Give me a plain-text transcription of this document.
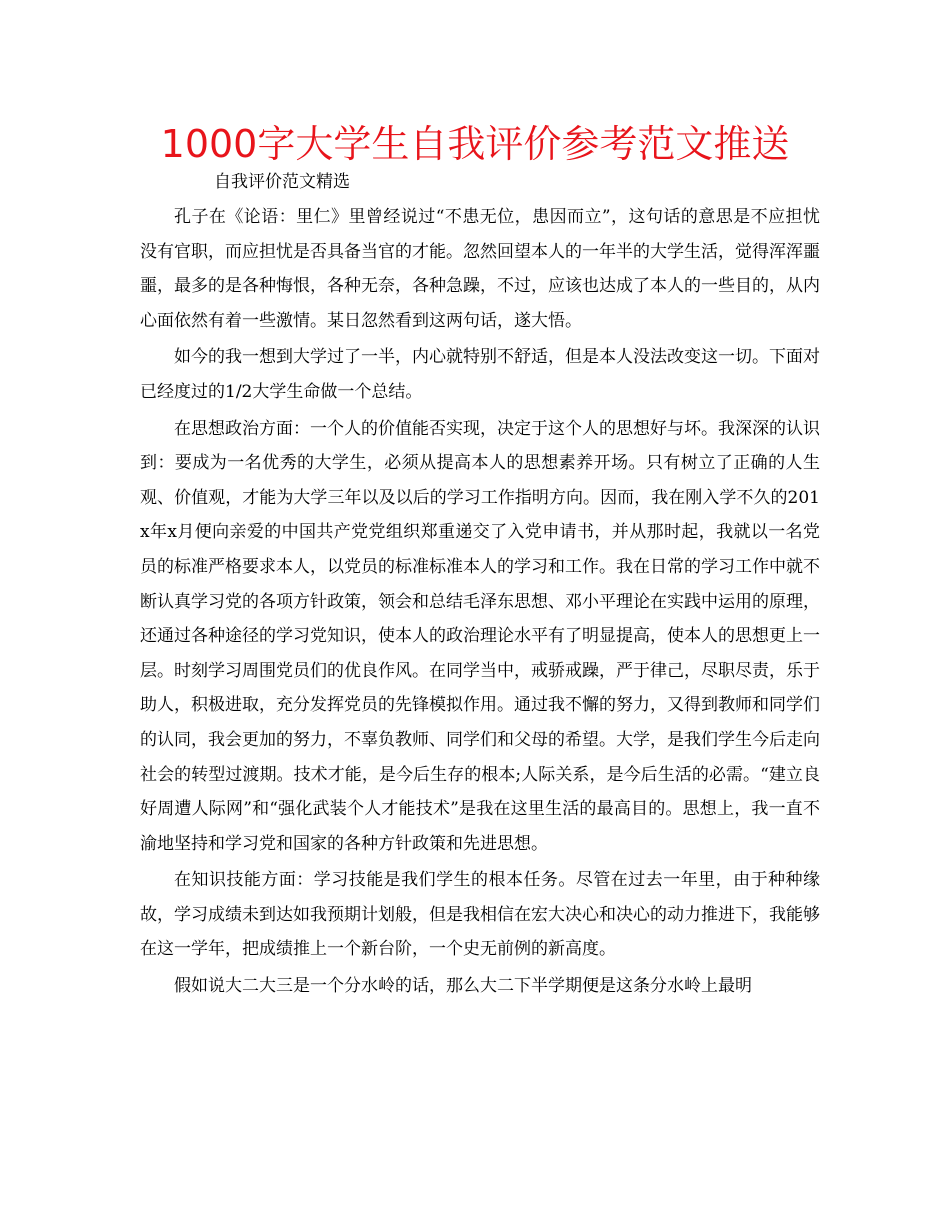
1000字大学生自我评价参考范文推送

自我评价范文精选

孔子在《论语：里仁》里曾经说过“不患无位，患因而立”，这句话的意思是不应担忧没有官职，而应担忧是否具备当官的才能。忽然回望本人的一年半的大学生活，觉得浑浑噩噩，最多的是各种悔恨，各种无奈，各种急躁，不过，应该也达成了本人的一些目的，从内心面依然有着一些激情。某日忽然看到这两句话，遂大悟。

如今的我一想到大学过了一半，内心就特别不舒适，但是本人没法改变这一切。下面对已经度过的1/2大学生命做一个总结。

在思想政治方面：一个人的价值能否实现，决定于这个人的思想好与坏。我深深的认识到：要成为一名优秀的大学生，必须从提高本人的思想素养开场。只有树立了正确的人生观、价值观，才能为大学三年以及以后的学习工作指明方向。因而，我在刚入学不久的201x年x月便向亲爱的中国共产党党组织郑重递交了入党申请书，并从那时起，我就以一名党员的标准严格要求本人，以党员的标准标准本人的学习和工作。我在日常的学习工作中就不断认真学习党的各项方针政策，领会和总结毛泽东思想、邓小平理论在实践中运用的原理，还通过各种途径的学习党知识，使本人的政治理论水平有了明显提高，使本人的思想更上一层。时刻学习周围党员们的优良作风。在同学当中，戒骄戒躁，严于律己，尽职尽责，乐于助人，积极进取，充分发挥党员的先锋模拟作用。通过我不懈的努力，又得到教师和同学们的认同，我会更加的努力，不辜负教师、同学们和父母的希望。大学，是我们学生今后走向社会的转型过渡期。技术才能，是今后生存的根本;人际关系，是今后生活的必需。“建立良好周遭人际网”和“强化武装个人才能技术”是我在这里生活的最高目的。思想上，我一直不渝地坚持和学习党和国家的各种方针政策和先进思想。

在知识技能方面：学习技能是我们学生的根本任务。尽管在过去一年里，由于种种缘故，学习成绩未到达如我预期计划般，但是我相信在宏大决心和决心的动力推进下，我能够在这一学年，把成绩推上一个新台阶，一个史无前例的新高度。

假如说大二大三是一个分水岭的话，那么大二下半学期便是这条分水岭上最明
